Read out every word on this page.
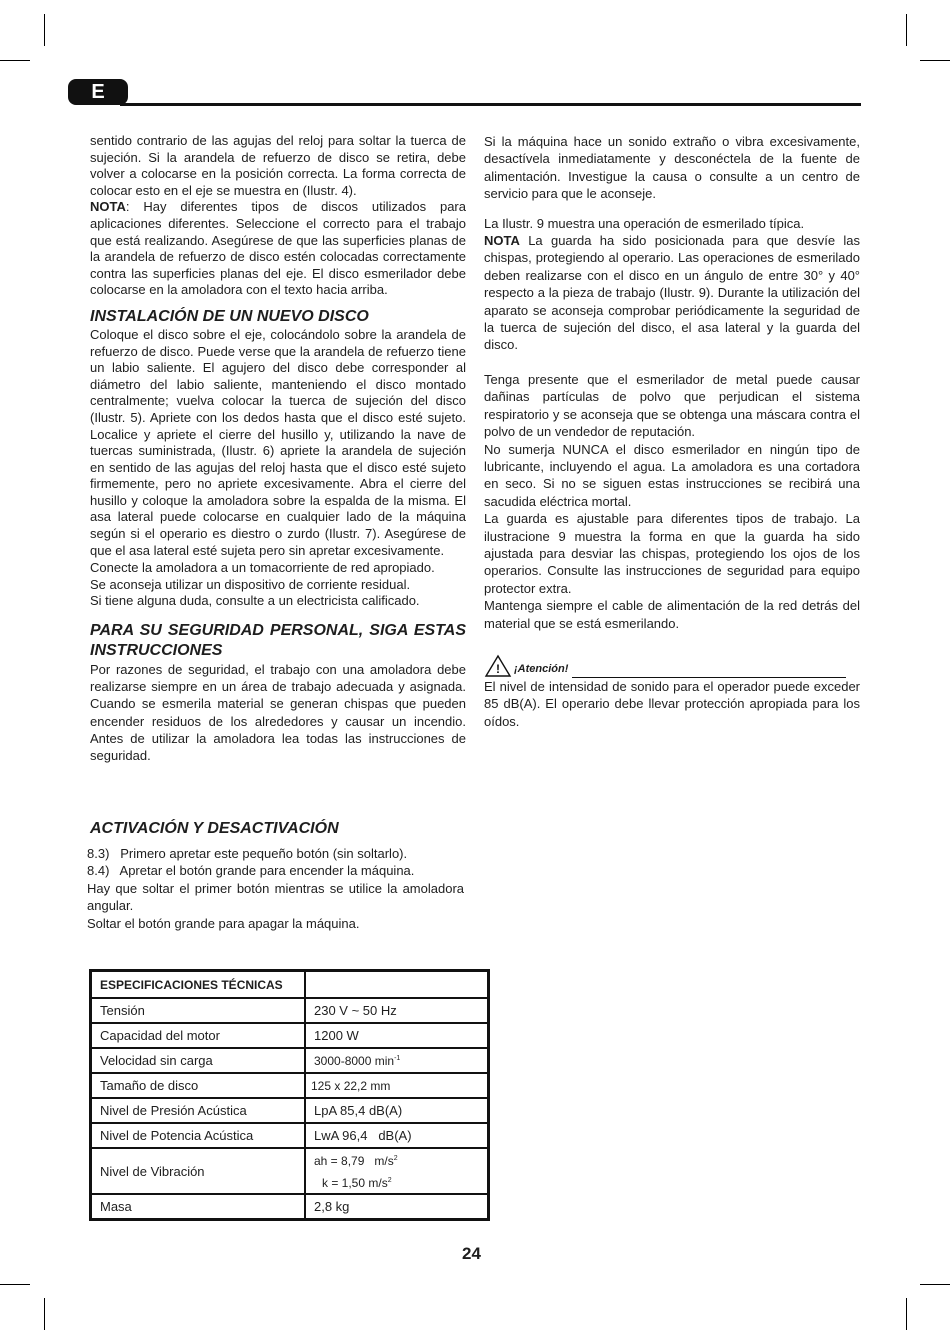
E

sentido contrario de las agujas del reloj para soltar la tuerca de sujeción. Si la arandela de refuerzo de disco se retira, debe volver a colocarse en la posición correcta. La forma correcta de colocar esto en el eje se muestra en (Ilustr. 4).

NOTA: Hay diferentes tipos de discos utilizados para aplicaciones diferentes. Seleccione el correcto para el trabajo que está realizando. Asegúrese de que las superficies planas de la arandela de refuerzo de disco estén colocadas correctamente contra las superficies planas del eje. El disco esmerilador debe colocarse en la amoladora con el texto hacia arriba.

INSTALACIÓN DE UN NUEVO DISCO

Coloque el disco sobre el eje, colocándolo sobre la arandela de refuerzo de disco. Puede verse que la arandela de refuerzo tiene un labio saliente. El agujero del disco debe corresponder al diámetro del labio saliente, manteniendo el disco montado centralmente; vuelva colocar la tuerca de sujeción del disco (Ilustr. 5). Apriete con los dedos hasta que el disco esté sujeto. Localice y apriete el cierre del husillo y, utilizando la nave de tuercas suministrada, (Ilustr. 6) apriete la arandela de sujeción en sentido de las agujas del reloj hasta que el disco esté sujeto firmemente, pero no apriete excesivamente. Abra el cierre del husillo y coloque la amoladora sobre la espalda de la misma. El asa lateral puede colocarse en cualquier lado de la máquina según si el operario es diestro o zurdo (Ilustr. 7). Asegúrese de que el asa lateral esté sujeta pero sin apretar excesivamente.

Conecte la amoladora a un tomacorriente de red apropiado.

Se aconseja utilizar un dispositivo de corriente residual.

Si tiene alguna duda, consulte a un electricista calificado.

PARA SU SEGURIDAD PERSONAL, SIGA ESTAS INSTRUCCIONES

Por razones de seguridad, el trabajo con una amoladora debe realizarse siempre en un área de trabajo adecuada y asignada. Cuando se esmerila material se generan chispas que pueden encender residuos de los alrededores y causar un incendio. Antes de utilizar la amoladora lea todas las instrucciones de seguridad.

ACTIVACIÓN Y DESACTIVACIÓN

8.3)   Primero apretar este pequeño botón (sin soltarlo).

8.4)   Apretar el botón grande para encender la máquina.

Hay que soltar el primer botón mientras se utilice la amoladora angular.

Soltar el botón grande para apagar la máquina.

Si la máquina hace un sonido extraño o vibra excesivamente, desactívela inmediatamente y desconéctela de la fuente de alimentación. Investigue la causa o consulte a un centro de servicio para que le aconseje.

La Ilustr. 9 muestra una operación de esmerilado típica.

NOTA La guarda ha sido posicionada para que desvíe las chispas, protegiendo al operario. Las operaciones de esmerilado deben realizarse con el disco en un ángulo de entre 30° y 40° respecto a la pieza de trabajo (Ilustr. 9). Durante la utilización del aparato se aconseja comprobar periódicamente la seguridad de la tuerca de sujeción del disco, el asa lateral y la guarda del disco.

Tenga presente que el esmerilador de metal puede causar dañinas partículas de polvo que perjudican el sistema respiratorio y se aconseja que se obtenga una máscara contra el polvo de un vendedor de reputación.

No sumerja NUNCA el disco esmerilador en ningún tipo de lubricante, incluyendo el agua. La amoladora es una cortadora en seco. Si no se siguen estas instrucciones se recibirá una sacudida eléctrica mortal.

La guarda es ajustable para diferentes tipos de trabajo. La ilustracione 9 muestra la forma en que la guarda ha sido ajustada para desviar las chispas, protegiendo los ojos de los operarios. Consulte las instrucciones de seguridad para equipo protector extra.

Mantenga siempre el cable de alimentación de la red detrás del material que se está esmerilando.

! ¡Atención!

El nivel de intensidad de sonido para el operador puede exceder 85 dB(A). El operario debe llevar protección apropiada para los oídos.

ESPECIFICACIONES TÉCNICAS	
Tensión	230 V ~ 50 Hz
Capacidad del motor	1200 W
Velocidad sin carga	3000-8000 $\min^{-1}$
Tamaño de disco	125 x 22,2 mm
Nivel de Presión Acústica	LpA 85,4 dB(A)
Nivel de Potencia Acústica	LwA 96,4   dB(A)
Nivel de Vibración	ah = 8,79   $m/s^2$
k = 1,50 $m/s^2$

Masa	2,8 kg
24
